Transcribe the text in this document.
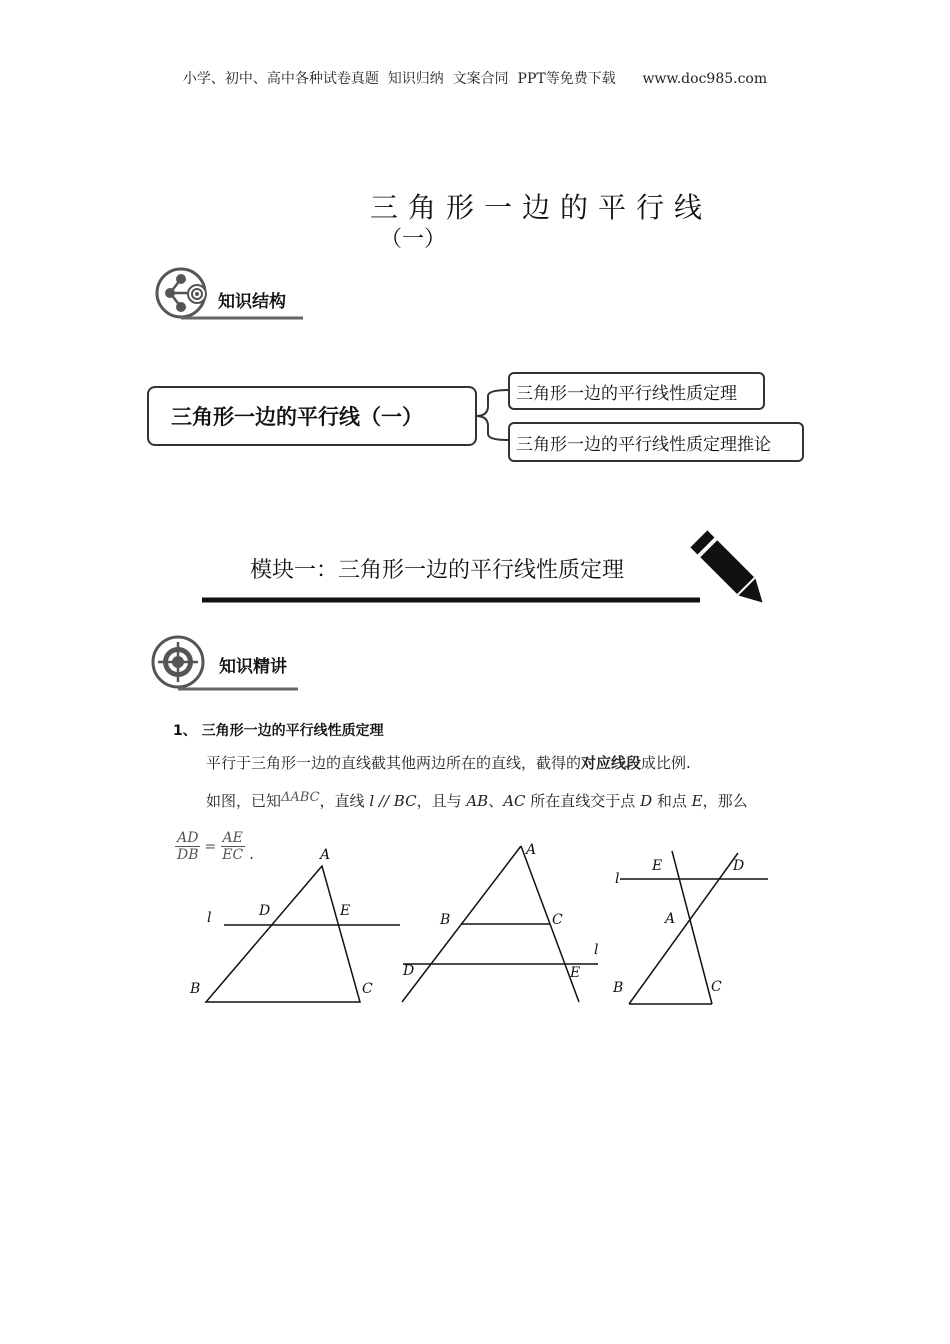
小学、初中、高中各种试卷真题  知识归纳  文案合同  PPT等免费下载      www.doc985.com
三角形一边的平行线
（一）
知识结构
三角形一边的平行线（一）
三角形一边的平行线性质定理
三角形一边的平行线性质定理推论
模块一：三角形一边的平行线性质定理
知识精讲
1、 三角形一边的平行线性质定理
平行于三角形一边的直线截其他两边所在的直线，截得的对应线段成比例.
如图，已知ΔABC，直线 l // BC，且与 AB、AC 所在直线交于点 D 和点 E，那么
$\frac{AD}{DB} = \frac{AE}{EC}$ .	A
B	C
D	E
l
A
B	C
D	E
l
E	D
A
B	C
l
